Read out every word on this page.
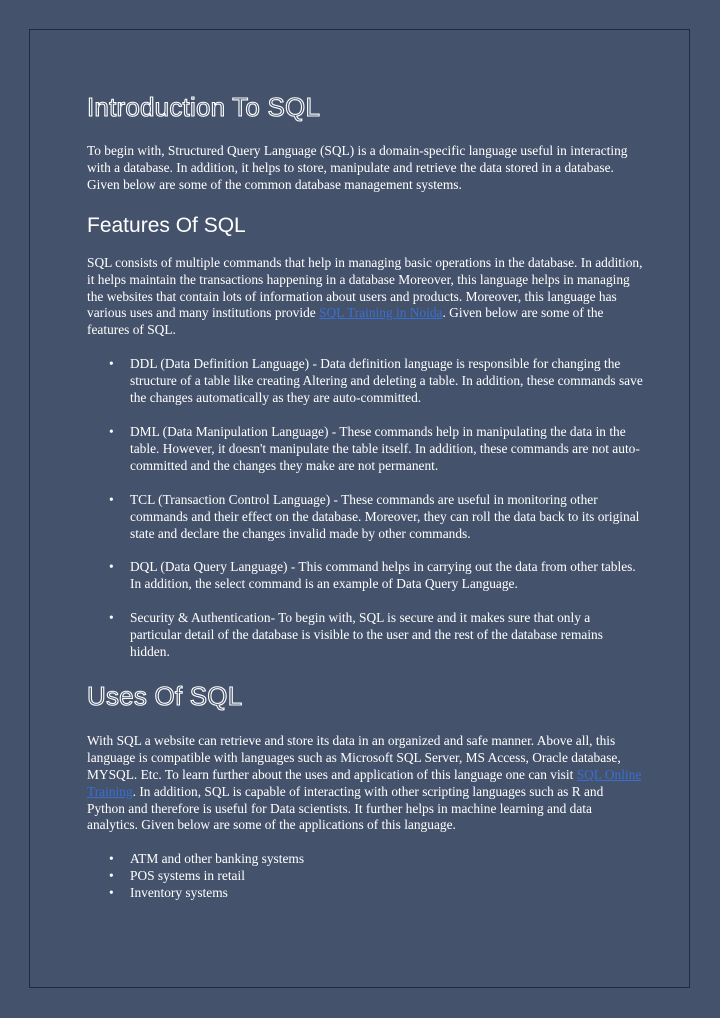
Introduction To SQL

To begin with, Structured Query Language (SQL) is a domain-specific language useful in interacting with a database. In addition, it helps to store, manipulate and retrieve the data stored in a database. Given below are some of the common database management systems.

Features Of SQL

SQL consists of multiple commands that help in managing basic operations in the database. In addition, it helps maintain the transactions happening in a database Moreover, this language helps in managing the websites that contain lots of information about users and products. Moreover, this language has various uses and many institutions provide SQL Training in Noida. Given below are some of the features of SQL.

• DDL (Data Definition Language) - Data definition language is responsible for changing the structure of a table like creating Altering and deleting a table. In addition, these commands save the changes automatically as they are auto-committed.
• DML (Data Manipulation Language) - These commands help in manipulating the data in the table. However, it doesn't manipulate the table itself. In addition, these commands are not auto-committed and the changes they make are not permanent.
• TCL (Transaction Control Language) - These commands are useful in monitoring other commands and their effect on the database. Moreover, they can roll the data back to its original state and declare the changes invalid made by other commands.
• DQL (Data Query Language) - This command helps in carrying out the data from other tables. In addition, the select command is an example of Data Query Language.
• Security & Authentication- To begin with, SQL is secure and it makes sure that only a particular detail of the database is visible to the user and the rest of the database remains hidden.
Uses Of SQL

With SQL a website can retrieve and store its data in an organized and safe manner. Above all, this language is compatible with languages such as Microsoft SQL Server, MS Access, Oracle database, MYSQL. Etc. To learn further about the uses and application of this language one can visit SQL Online Training. In addition, SQL is capable of interacting with other scripting languages such as R and Python and therefore is useful for Data scientists. It further helps in machine learning and data analytics. Given below are some of the applications of this language.

• ATM and other banking systems
• POS systems in retail
• Inventory systems
